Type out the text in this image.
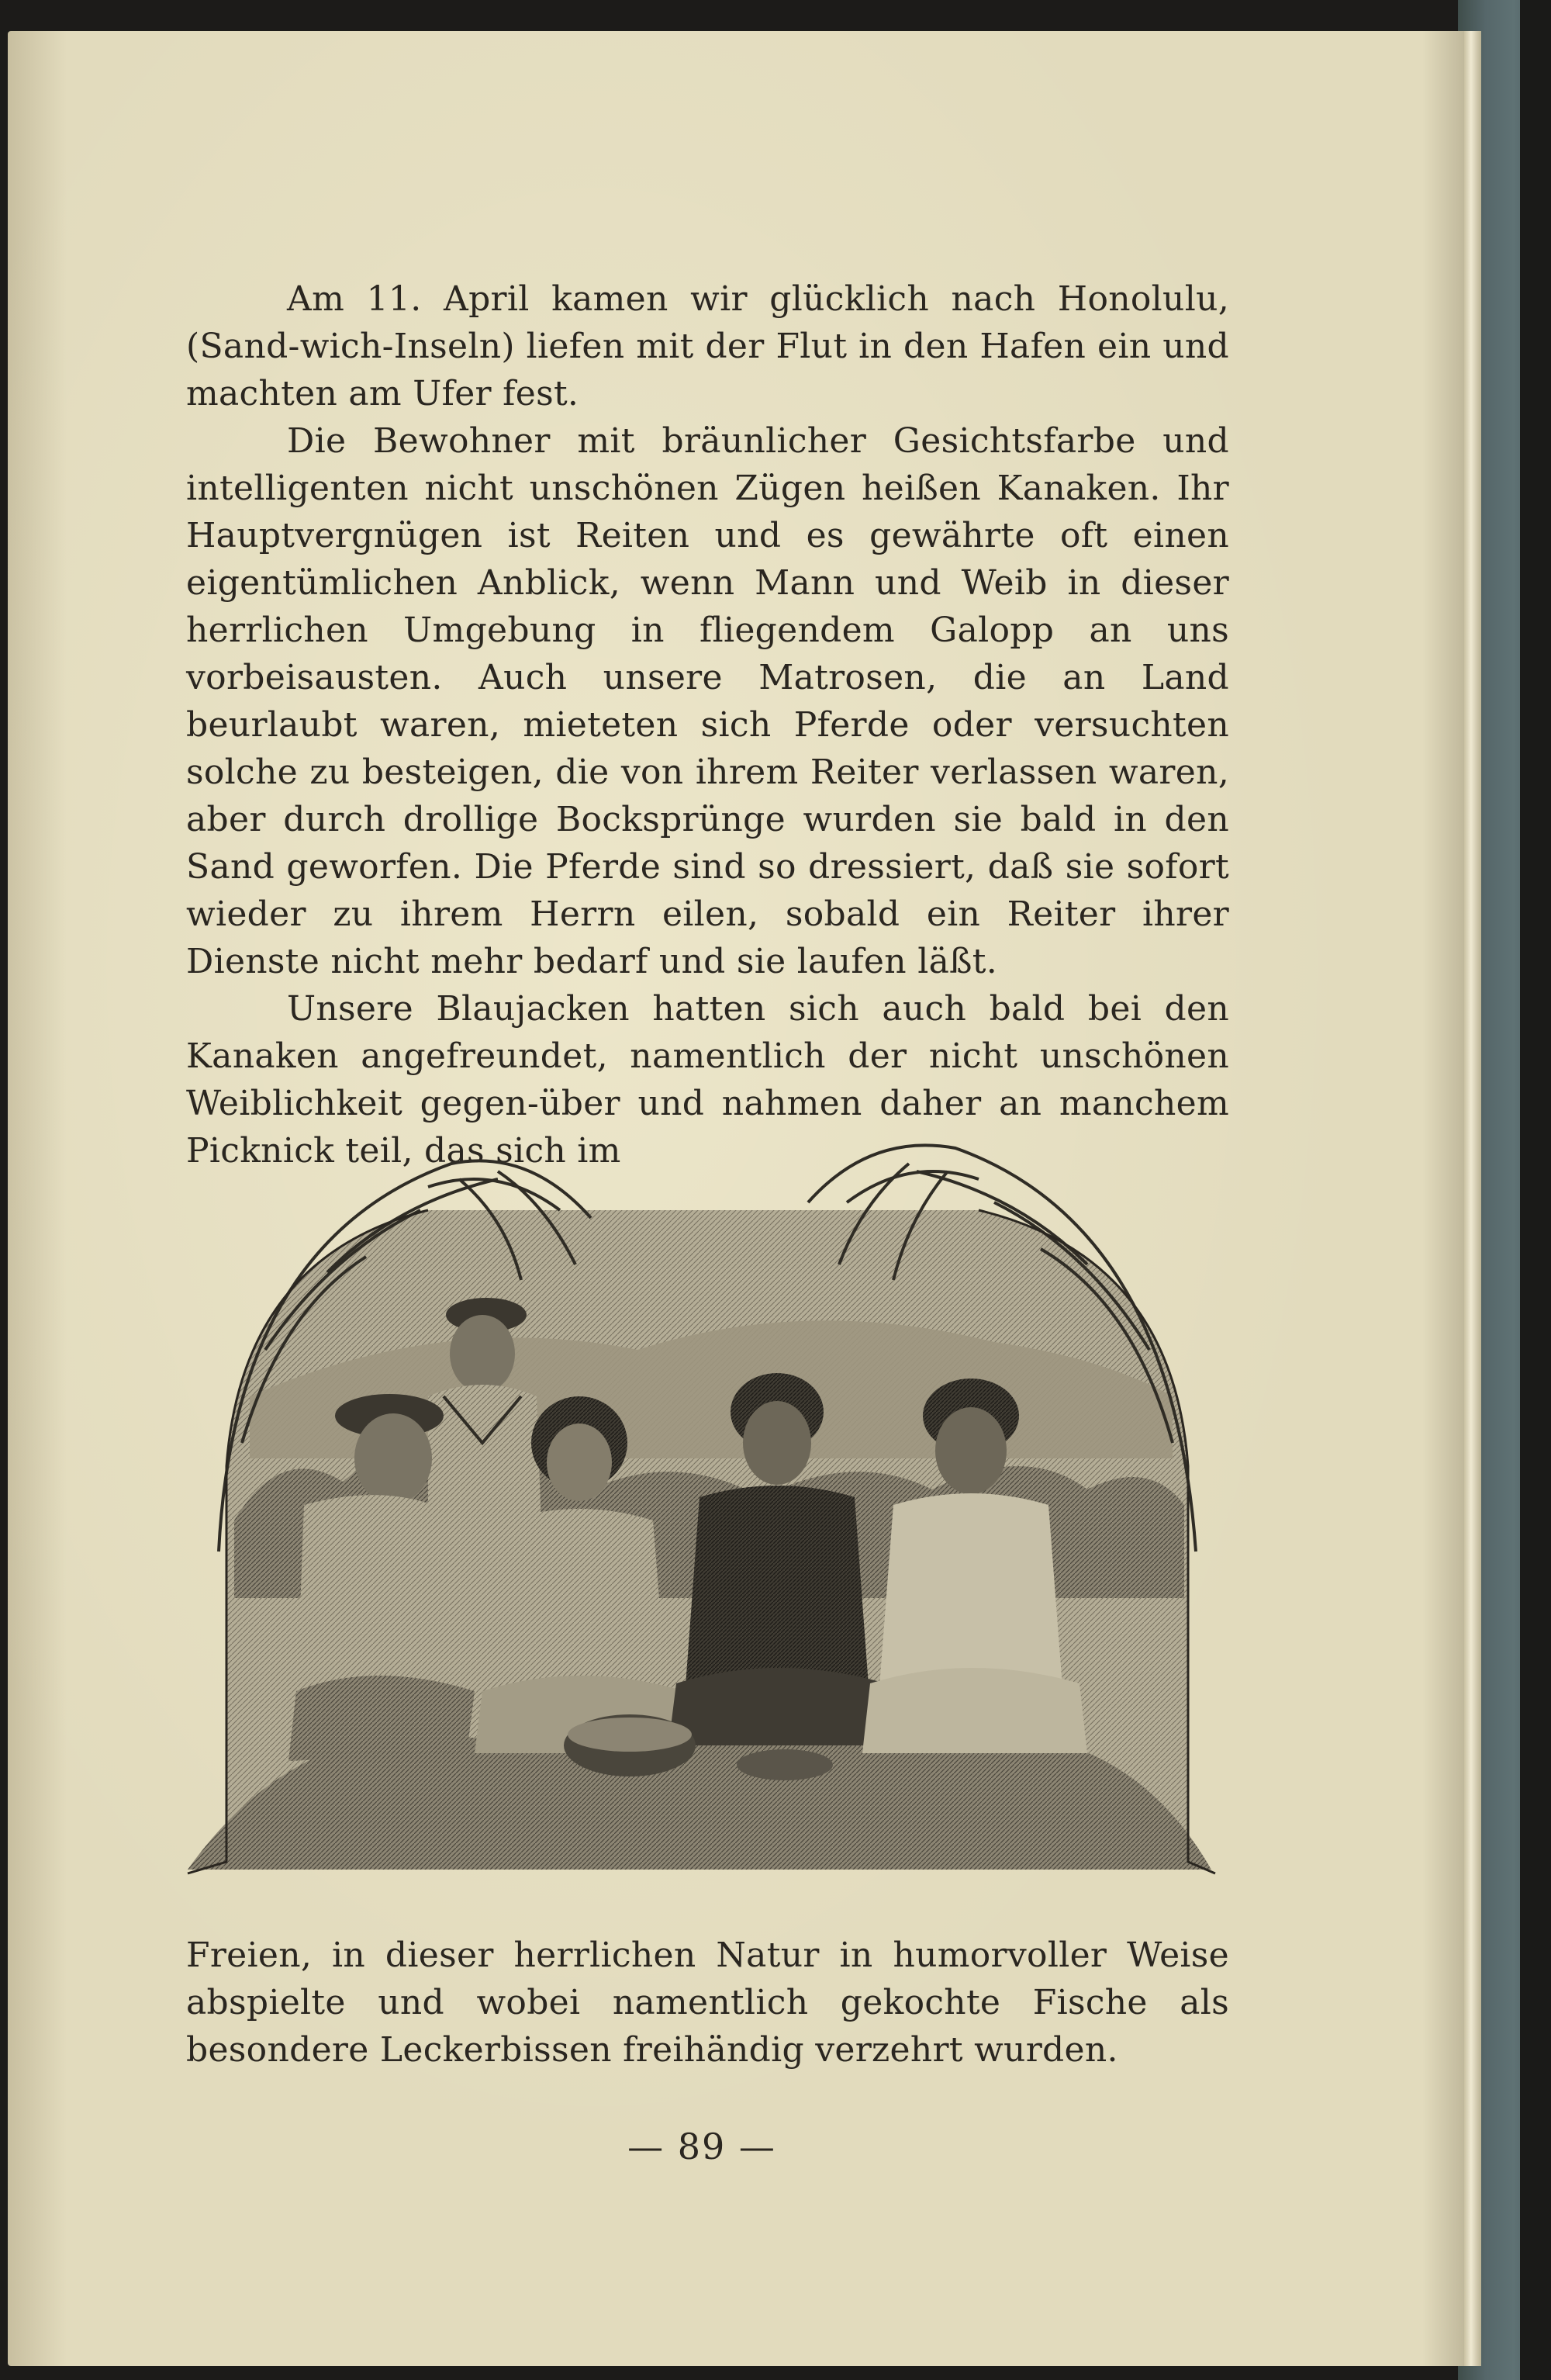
Am 11. April kamen wir glücklich nach Honolulu, (Sand-wich-Inseln) liefen mit der Flut in den Hafen ein und machten am Ufer fest.

Die Bewohner mit bräunlicher Gesichtsfarbe und intelligenten nicht unschönen Zügen heißen Kanaken. Ihr Hauptvergnügen ist Reiten und es gewährte oft einen eigentümlichen Anblick, wenn Mann und Weib in dieser herrlichen Umgebung in fliegendem Galopp an uns vorbeisausten. Auch unsere Matrosen, die an Land beurlaubt waren, mieteten sich Pferde oder versuchten solche zu besteigen, die von ihrem Reiter verlassen waren, aber durch drollige Bocksprünge wurden sie bald in den Sand geworfen. Die Pferde sind so dressiert, daß sie sofort wieder zu ihrem Herrn eilen, sobald ein Reiter ihrer Dienste nicht mehr bedarf und sie laufen läßt.

Unsere Blaujacken hatten sich auch bald bei den Kanaken angefreundet, namentlich der nicht unschönen Weiblichkeit gegen-über und nahmen daher an manchem Picknick teil, das sich im

Freien, in dieser herrlichen Natur in humorvoller Weise abspielte und wobei namentlich gekochte Fische als besondere Leckerbissen freihändig verzehrt wurden.

— 89 —
